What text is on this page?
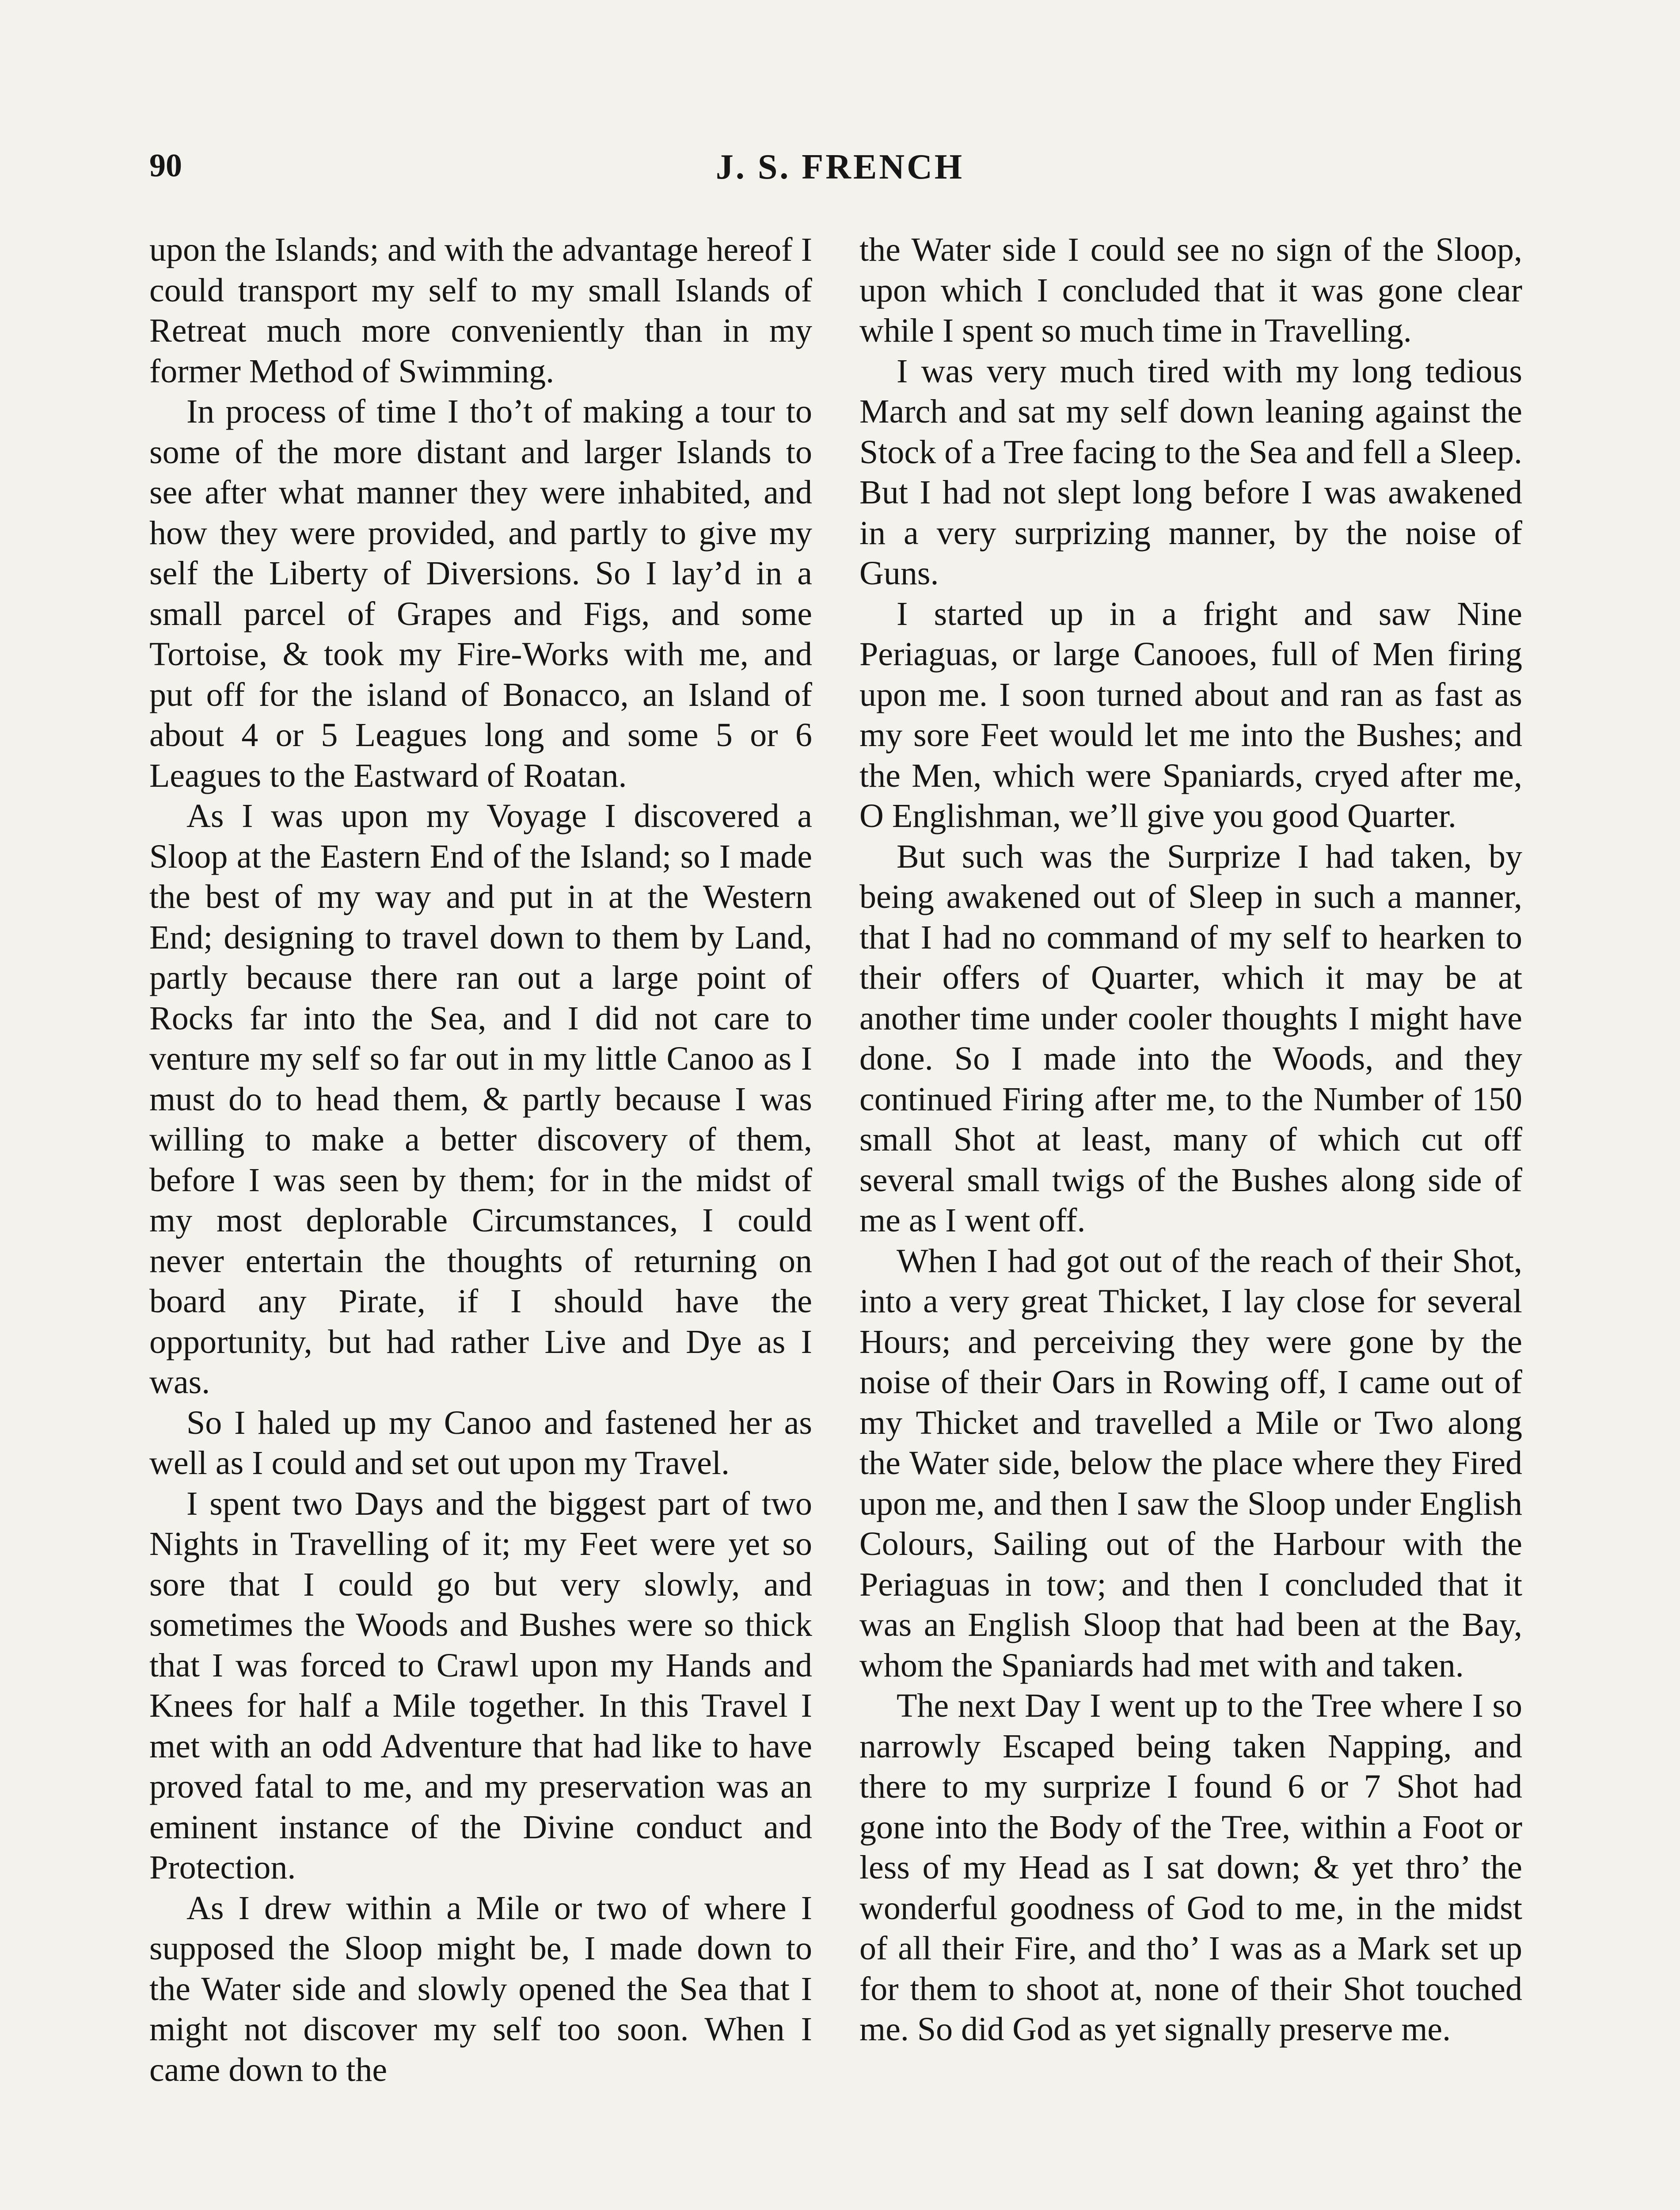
90	J. S. FRENCH

upon the Islands; and with the advantage hereof I could transport my self to my small Islands of Retreat much more conveniently than in my former Method of Swimming.

In process of time I tho’t of making a tour to some of the more distant and larger Islands to see after what manner they were inhabited, and how they were provided, and partly to give my self the Liberty of Diversions. So I lay’d in a small parcel of Grapes and Figs, and some Tortoise, & took my Fire-Works with me, and put off for the island of Bonacco, an Island of about 4 or 5 Leagues long and some 5 or 6 Leagues to the Eastward of Roatan.

As I was upon my Voyage I discovered a Sloop at the Eastern End of the Island; so I made the best of my way and put in at the Western End; designing to travel down to them by Land, partly because there ran out a large point of Rocks far into the Sea, and I did not care to venture my self so far out in my little Canoo as I must do to head them, & partly because I was willing to make a better discovery of them, before I was seen by them; for in the midst of my most deplorable Circumstances, I could never entertain the thoughts of returning on board any Pirate, if I should have the opportunity, but had rather Live and Dye as I was.

So I haled up my Canoo and fastened her as well as I could and set out upon my Travel.

I spent two Days and the biggest part of two Nights in Travelling of it; my Feet were yet so sore that I could go but very slowly, and sometimes the Woods and Bushes were so thick that I was forced to Crawl upon my Hands and Knees for half a Mile together. In this Travel I met with an odd Adventure that had like to have proved fatal to me, and my preservation was an eminent instance of the Divine conduct and Protection.

As I drew within a Mile or two of where I supposed the Sloop might be, I made down to the Water side and slowly opened the Sea that I might not discover my self too soon. When I came down to the

the Water side I could see no sign of the Sloop, upon which I concluded that it was gone clear while I spent so much time in Travelling.

I was very much tired with my long tedious March and sat my self down leaning against the Stock of a Tree facing to the Sea and fell a Sleep. But I had not slept long before I was awakened in a very surprizing manner, by the noise of Guns.

I started up in a fright and saw Nine Periaguas, or large Canooes, full of Men firing upon me. I soon turned about and ran as fast as my sore Feet would let me into the Bushes; and the Men, which were Spaniards, cryed after me, O Englishman, we’ll give you good Quarter.

But such was the Surprize I had taken, by being awakened out of Sleep in such a manner, that I had no command of my self to hearken to their offers of Quarter, which it may be at another time under cooler thoughts I might have done. So I made into the Woods, and they continued Firing after me, to the Number of 150 small Shot at least, many of which cut off several small twigs of the Bushes along side of me as I went off.

When I had got out of the reach of their Shot, into a very great Thicket, I lay close for several Hours; and perceiving they were gone by the noise of their Oars in Rowing off, I came out of my Thicket and travelled a Mile or Two along the Water side, below the place where they Fired upon me, and then I saw the Sloop under English Colours, Sailing out of the Harbour with the Periaguas in tow; and then I concluded that it was an English Sloop that had been at the Bay, whom the Spaniards had met with and taken.

The next Day I went up to the Tree where I so narrowly Escaped being taken Napping, and there to my surprize I found 6 or 7 Shot had gone into the Body of the Tree, within a Foot or less of my Head as I sat down; & yet thro’ the wonderful goodness of God to me, in the midst of all their Fire, and tho’ I was as a Mark set up for them to shoot at, none of their Shot touched me. So did God as yet signally preserve me.
